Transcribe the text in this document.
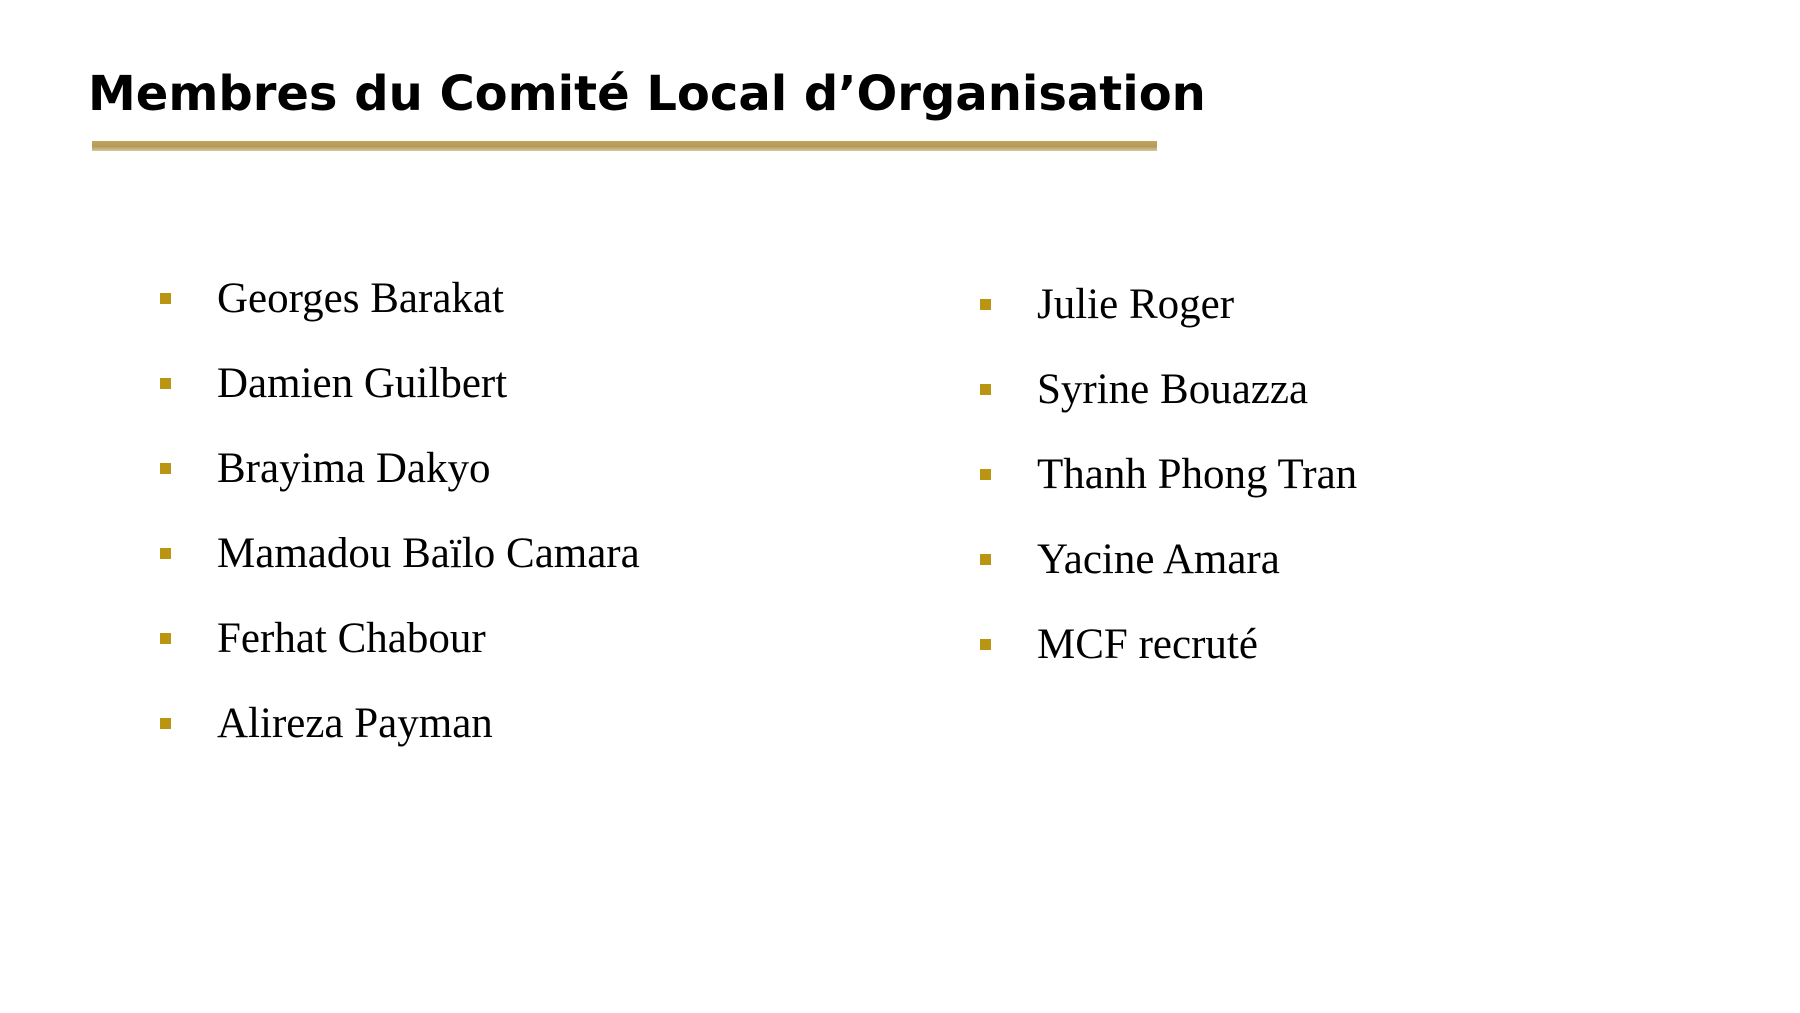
Membres du Comité Local d’Organisation
Georges Barakat
Damien Guilbert
Brayima Dakyo
Mamadou Baïlo Camara
Ferhat Chabour
Alireza Payman
Julie Roger
Syrine Bouazza
Thanh Phong Tran
Yacine Amara
MCF recruté
